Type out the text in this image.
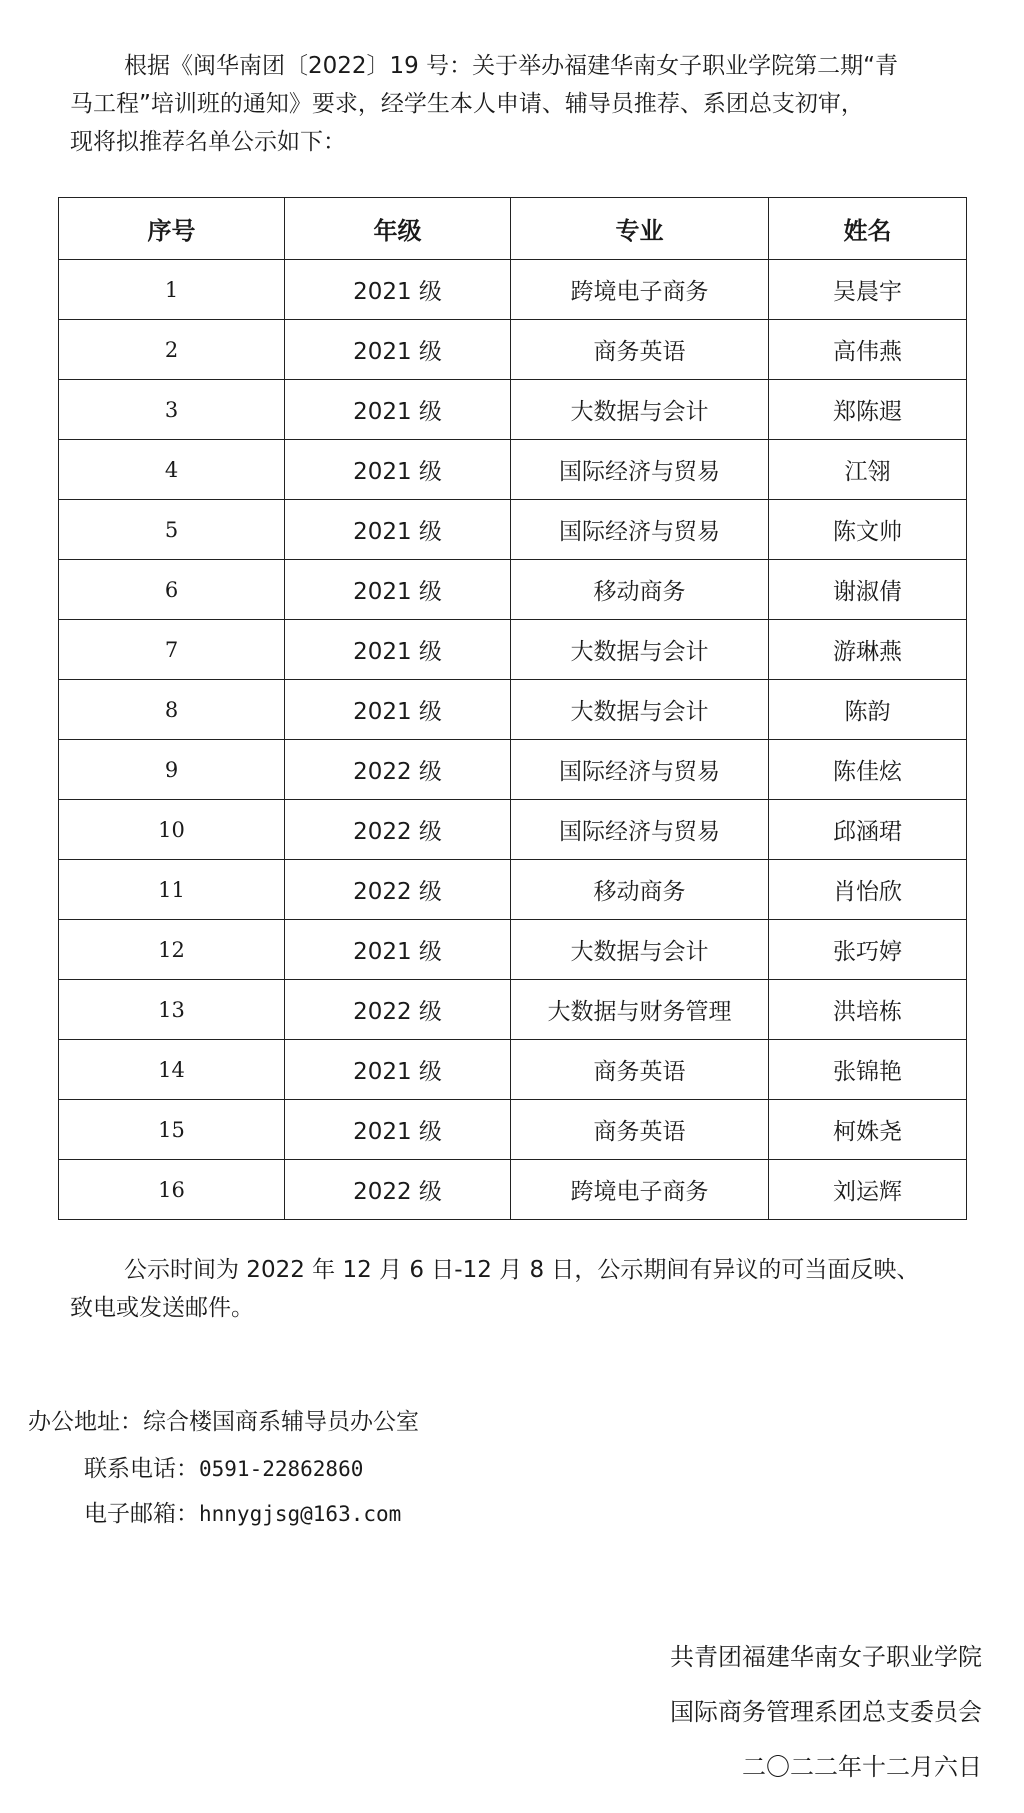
根据《闽华南团〔2022〕19 号：关于举办福建华南女子职业学院第二期“青
马工程”培训班的通知》要求，经学生本人申请、辅导员推荐、系团总支初审，
现将拟推荐名单公示如下：

序号	年级	专业	姓名
1	2021 级	跨境电子商务	吴晨宇
2	2021 级	商务英语	高伟燕
3	2021 级	大数据与会计	郑陈遐
4	2021 级	国际经济与贸易	江翎
5	2021 级	国际经济与贸易	陈文帅
6	2021 级	移动商务	谢淑倩
7	2021 级	大数据与会计	游琳燕
8	2021 级	大数据与会计	陈韵
9	2022 级	国际经济与贸易	陈佳炫
10	2022 级	国际经济与贸易	邱涵珺
11	2022 级	移动商务	肖怡欣
12	2021 级	大数据与会计	张巧婷
13	2022 级	大数据与财务管理	洪培栋
14	2021 级	商务英语	张锦艳
15	2021 级	商务英语	柯姝尧
16	2022 级	跨境电子商务	刘运辉

公示时间为 2022 年 12 月 6 日-12 月 8 日，公示期间有异议的可当面反映、
致电或发送邮件。

办公地址：综合楼国商系辅导员办公室

联系电话：0591-22862860

电子邮箱：hnnygjsg@163.com

共青团福建华南女子职业学院

国际商务管理系团总支委员会

二〇二二年十二月六日
